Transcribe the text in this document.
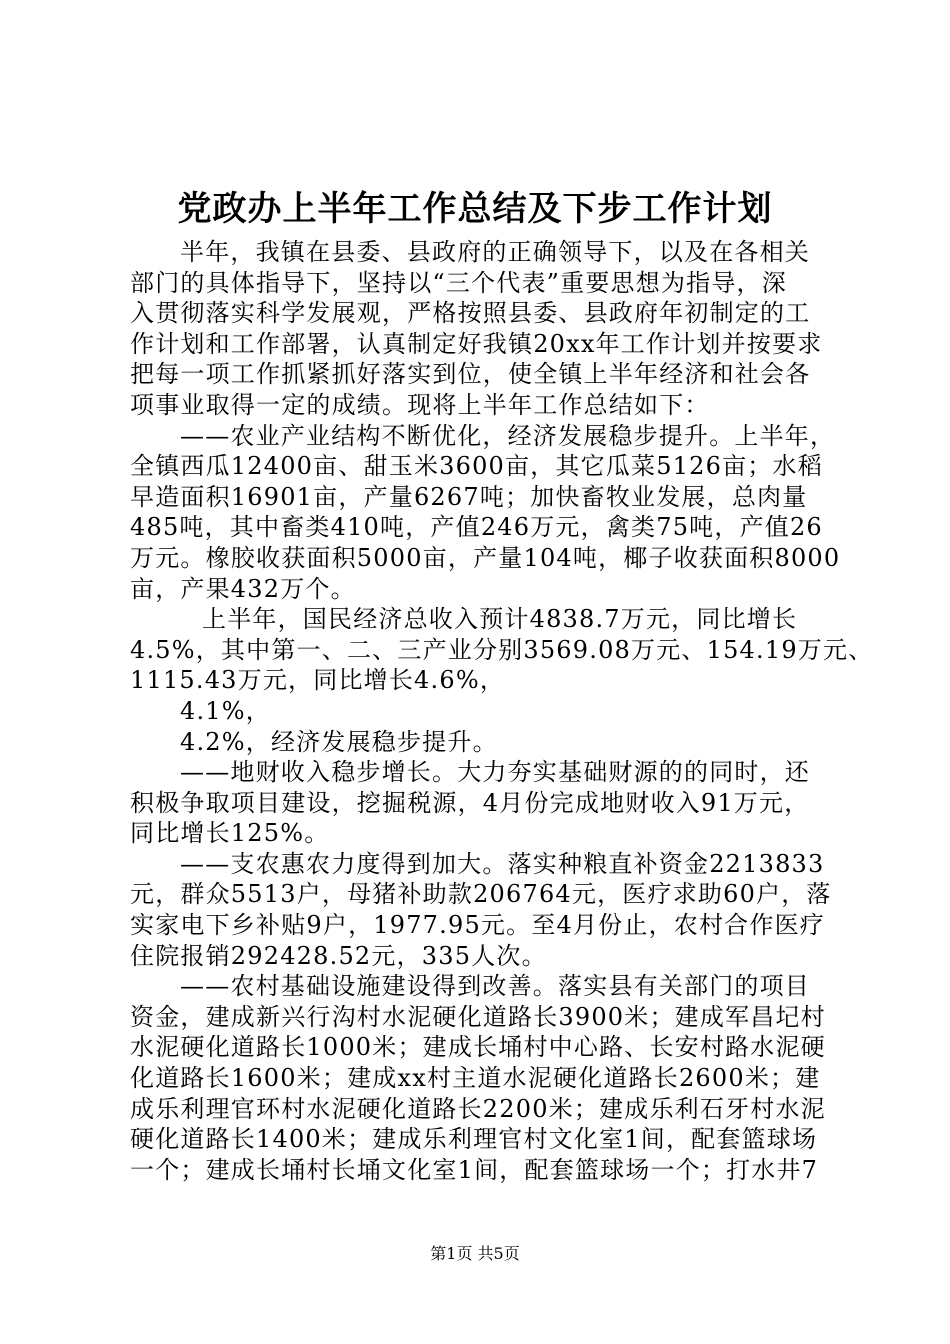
党政办上半年工作总结及下步工作计划
半年，我镇在县委、县政府的正确领导下，以及在各相关
部门的具体指导下，坚持以“三个代表”重要思想为指导，深
入贯彻落实科学发展观，严格按照县委、县政府年初制定的工
作计划和工作部署，认真制定好我镇20xx年工作计划并按要求
把每一项工作抓紧抓好落实到位，使全镇上半年经济和社会各
项事业取得一定的成绩。现将上半年工作总结如下：
——农业产业结构不断优化，经济发展稳步提升。上半年，
全镇西瓜12400亩、甜玉米3600亩，其它瓜菜5126亩；水稻
早造面积16901亩，产量6267吨；加快畜牧业发展，总肉量
485吨，其中畜类410吨，产值246万元，禽类75吨，产值26
万元。橡胶收获面积5000亩，产量104吨，椰子收获面积8000
亩，产果432万个。
上半年，国民经济总收入预计4838.7万元，同比增长
4.5%，其中第一、二、三产业分别3569.08万元、154.19万元、
1115.43万元，同比增长4.6%，
4.1%，
4.2%，经济发展稳步提升。
——地财收入稳步增长。大力夯实基础财源的的同时，还
积极争取项目建设，挖掘税源，4月份完成地财收入91万元，
同比增长125%。
——支农惠农力度得到加大。落实种粮直补资金2213833
元，群众5513户，母猪补助款206764元，医疗求助60户，落
实家电下乡补贴9户，1977.95元。至4月份止，农村合作医疗
住院报销292428.52元，335人次。
——农村基础设施建设得到改善。落实县有关部门的项目
资金，建成新兴行沟村水泥硬化道路长3900米；建成军昌圮村
水泥硬化道路长1000米；建成长埇村中心路、长安村路水泥硬
化道路长1600米；建成xx村主道水泥硬化道路长2600米；建
成乐利理官环村水泥硬化道路长2200米；建成乐利石牙村水泥
硬化道路长1400米；建成乐利理官村文化室1间，配套篮球场
一个；建成长埇村长埇文化室1间，配套篮球场一个；打水井7
第1页 共5页
